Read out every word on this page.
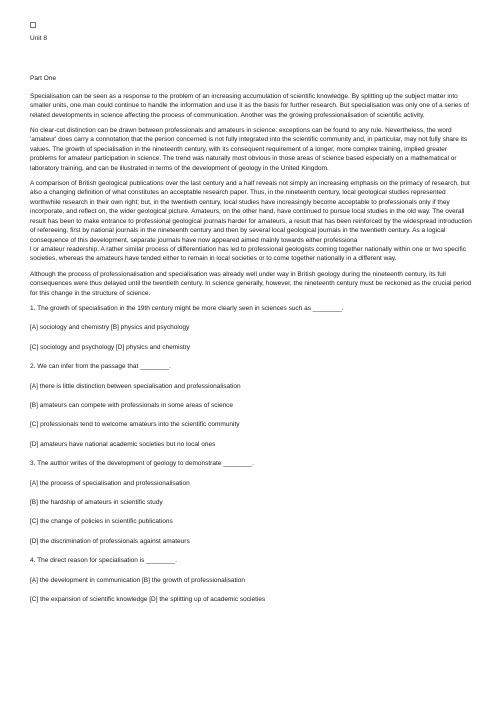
Unit 8
Part One

Specialisation can be seen as a response to the problem of an increasing accumulation of scientific knowledge. By splitting up the subject matter into smaller units, one man could continue to handle the information and use it as the basis for further research. But specialisation was only one of a series of related developments in science affecting the process of communication. Another was the growing professionalisation of scientific activity.

No clear-cut distinction can be drawn between professionals and amateurs in science: exceptions can be found to any rule. Nevertheless, the word 'amateur' does carry a connotation that the person concerned is not fully integrated into the scientific community and, in particular, may not fully share its values. The growth of specialisation in the nineteenth century, with its consequent requirement of a longer, more complex training, implied greater problems for amateur participation in science. The trend was naturally most obvious in those areas of science based especially on a mathematical or laboratory training, and can be illustrated in terms of the development of geology in the United Kingdom.

A comparison of British geological publications over the last century and a half reveals not simply an increasing emphasis on the primacy of research, but also a changing definition of what constitutes an acceptable research paper. Thus, in the nineteenth century, local geological studies represented worthwhile research in their own right; but, in the twentieth century, local studies have increasingly become acceptable to professionals only if they incorporate, and reflect on, the wider geological picture. Amateurs, on the other hand, have continued to pursue local studies in the old way. The overall result has been to make entrance to professional geological journals harder for amateurs, a result that has been reinforced by the widespread introduction of refereeing, first by national journals in the nineteenth century and then by several local geological journals in the twentieth century. As a logical consequence of this development, separate journals have now appeared aimed mainly towards either professiona
l or amateur readership. A rather similar process of differentiation has led to professional geologists coming together nationally within one or two specific societies, whereas the amateurs have tended either to remain in local societies or to come together nationally in a different way.

Although the process of professionalisation and specialisation was already well under way in British geology during the nineteenth century, its full consequences were thus delayed until the twentieth century. In science generally, however, the nineteenth century must be reckoned as the crucial period for this change in the structure of science.

1. The growth of specialisation in the 19th century might be more clearly seen in sciences such as ________.
[A] sociology and chemistry [B] physics and psychology
[C] sociology and psychology [D] physics and chemistry
2. We can infer from the passage that ________.
[A] there is little distinction between specialisation and professionalisation
[B] amateurs can compete with professionals in some areas of science
[C] professionals tend to welcome amateurs into the scientific community
[D] amateurs have national academic societies but no local ones
3. The author writes of the development of geology to demonstrate ________.
[A] the process of specialisation and professionalisation
[B] the hardship of amateurs in scientific study
[C] the change of policies in scientific publications
[D] the discrimination of professionals against amateurs
4. The direct reason for specialisation is ________.
[A] the development in communication [B] the growth of professionalisation
[C] the expansion of scientific knowledge [D] the splitting up of academic societies
